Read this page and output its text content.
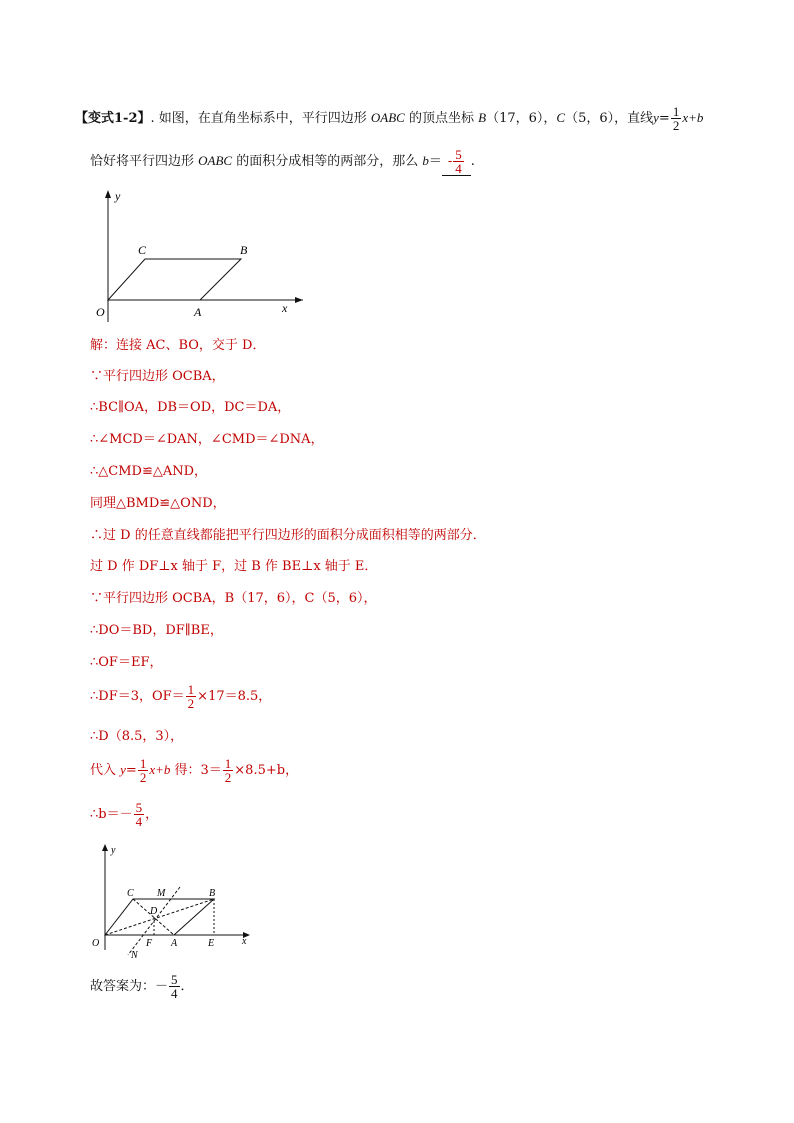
【变式1-2】. 如图，在直角坐标系中，平行四边形 OABC 的顶点坐标 B（17，6），C（5，6），直线$y= \frac{1}{2} x+b$
恰好将平行四边形 OABC 的面积分成相等的两部分，那么 $b= - \frac{5}{4}$ .
y
x
O	A
B
C
解：连接 AC、BO，交于 D．
∵平行四边形 OCBA，
∴BC∥OA，DB＝OD，DC＝DA，
∴∠MCD＝∠DAN，∠CMD＝∠DNA，
∴△CMD≌△AND，
同理△BMD≌△OND，
∴过 D 的任意直线都能把平行四边形的面积分成面积相等的两部分．
过 D 作 DF⊥x 轴于 F，过 B 作 BE⊥x 轴于 E．
∵平行四边形 OCBA，B（17，6），C（5，6），
∴DO＝BD，DF∥BE，
∴OF＝EF，
∴DF＝3，$OF= \frac{1}{2} \times 17=8.5$，
∴D（8.5，3），
代入 $y= \frac{1}{2} x+b$ 得：$3= \frac{1}{2} \times 8.5+b$，
∴b＝－ $\frac{5}{4}$ ，
y
x
O
C M	B
D
F A	E
N
故答案为：－ $\frac{5}{4}$ ．
